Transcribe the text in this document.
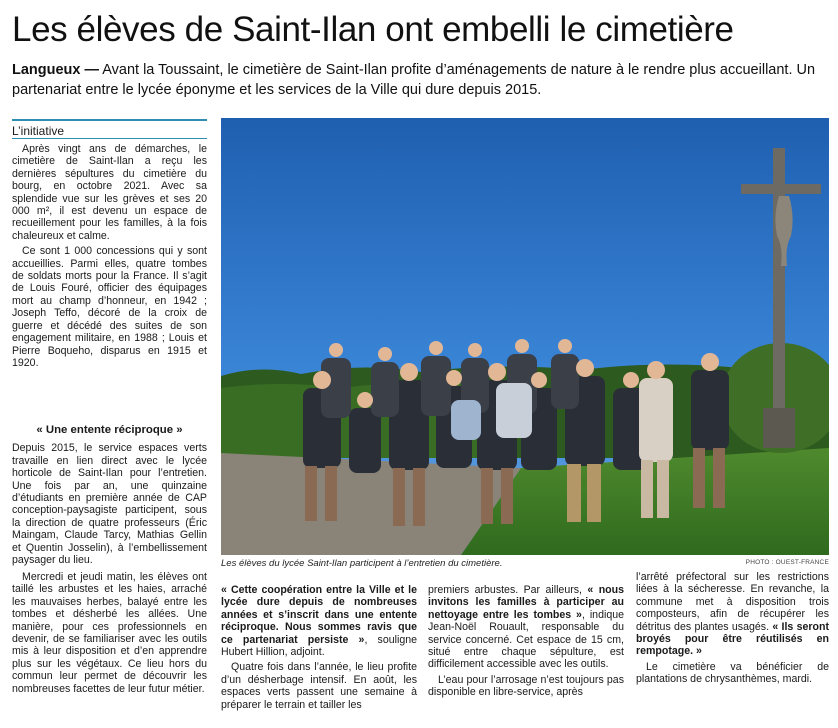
Les élèves de Saint-Ilan ont embelli le cimetière

Langueux — Avant la Toussaint, le cimetière de Saint-Ilan profite d’aménagements de nature à le rendre plus accueillant. Un partenariat entre le lycée éponyme et les services de la Ville qui dure depuis 2015.

L’initiative

Après vingt ans de démarches, le cimetière de Saint-Ilan a reçu les dernières sépultures du cimetière du bourg, en octobre 2021. Avec sa splendide vue sur les grèves et ses 20 000 m², il est devenu un espace de recueillement pour les familles, à la fois chaleureux et calme.

Ce sont 1 000 concessions qui y sont accueillies. Parmi elles, quatre tombes de soldats morts pour la France. Il s’agit de Louis Fouré, officier des équipages mort au champ d’honneur, en 1942 ; Joseph Teffo, décoré de la croix de guerre et décédé des suites de son engagement militaire, en 1988 ; Louis et Pierre Boqueho, disparus en 1915 et 1920.

« Une entente réciproque »

Depuis 2015, le service espaces verts travaille en lien direct avec le lycée horticole de Saint-Ilan pour l’entretien. Une fois par an, une quinzaine d’étudiants en première année de CAP conception-paysagiste participent, sous la direction de quatre professeurs (Éric Maingam, Claude Tarcy, Mathias Gellin et Quentin Josselin), à l’embellissement paysager du lieu.

Mercredi et jeudi matin, les élèves ont taillé les arbustes et les haies, arraché les mauvaises herbes, balayé entre les tombes et désherbé les allées. Une manière, pour ces professionnels en devenir, de se familiariser avec les outils mis à leur disposition et d’en apprendre plus sur les végétaux. Ce lieu hors du commun leur permet de découvrir les nombreuses facettes de leur futur métier.

Les élèves du lycée Saint-Ilan participent à l’entretien du cimetière.	PHOTO : OUEST-FRANCE

« Cette coopération entre la Ville et le lycée dure depuis de nombreuses années et s’inscrit dans une entente réciproque. Nous sommes ravis que ce partenariat persiste », souligne Hubert Hillion, adjoint.

Quatre fois dans l’année, le lieu profite d’un désherbage intensif. En août, les espaces verts passent une semaine à préparer le terrain et tailler les

premiers arbustes. Par ailleurs, « nous invitons les familles à participer au nettoyage entre les tombes », indique Jean-Noël Rouault, responsable du service concerné. Cet espace de 15 cm, situé entre chaque sépulture, est difficilement accessible avec les outils.

L’eau pour l’arrosage n’est toujours pas disponible en libre-service, après

l’arrêté préfectoral sur les restrictions liées à la sécheresse. En revanche, la commune met à disposition trois composteurs, afin de récupérer les détritus des plantes usagés. « Ils seront broyés pour être réutilisés en rempotage. »

Le cimetière va bénéficier de plantations de chrysanthèmes, mardi.
